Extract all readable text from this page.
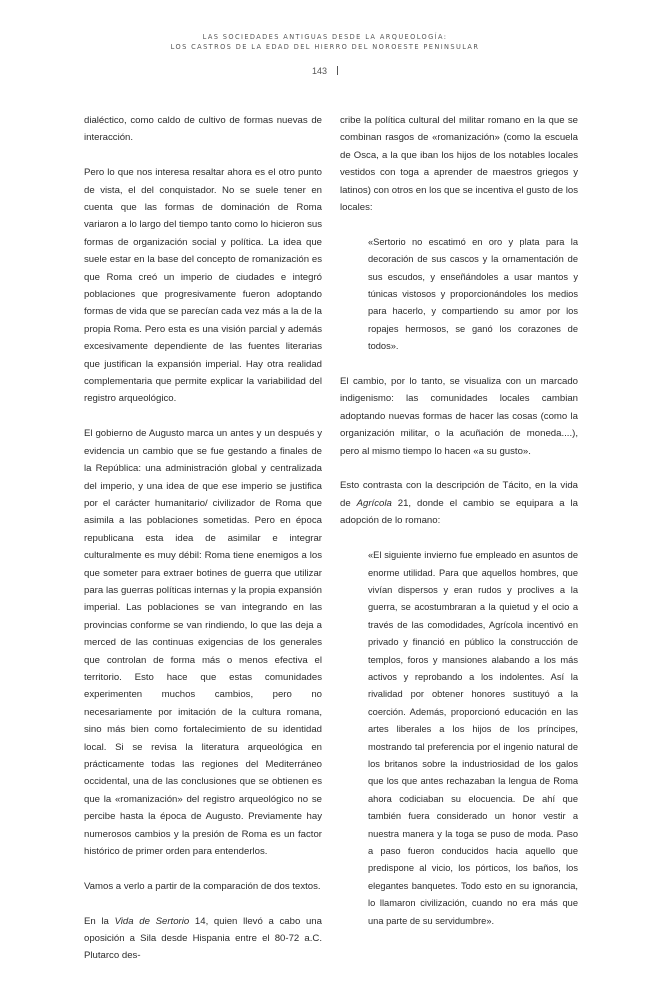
LAS SOCIEDADES ANTIGUAS DESDE LA ARQUEOLOGÍA:
LOS CASTROS DE LA EDAD DEL HIERRO DEL NOROESTE PENINSULAR
143

dialéctico, como caldo de cultivo de formas nuevas de interacción.

Pero lo que nos interesa resaltar ahora es el otro punto de vista, el del conquistador. No se suele tener en cuenta que las formas de dominación de Roma variaron a lo largo del tiempo tanto como lo hicieron sus formas de organización social y política. La idea que suele estar en la base del concepto de romanización es que Roma creó un imperio de ciudades e integró poblaciones que progresivamente fueron adoptando formas de vida que se parecían cada vez más a la de la propia Roma. Pero esta es una visión parcial y además excesivamente dependiente de las fuentes literarias que justifican la expansión imperial. Hay otra realidad complementaria que permite explicar la variabilidad del registro arqueológico.

El gobierno de Augusto marca un antes y un después y evidencia un cambio que se fue gestando a finales de la República: una administración global y centralizada del imperio, y una idea de que ese imperio se justifica por el carácter humanitario/ civilizador de Roma que asimila a las poblaciones sometidas. Pero en época republicana esta idea de asimilar e integrar culturalmente es muy débil: Roma tiene enemigos a los que someter para extraer botines de guerra que utilizar para las guerras políticas internas y la propia expansión imperial. Las poblaciones se van integrando en las provincias conforme se van rindiendo, lo que las deja a merced de las continuas exigencias de los generales que controlan de forma más o menos efectiva el territorio. Esto hace que estas comunidades experimenten muchos cambios, pero no necesariamente por imitación de la cultura romana, sino más bien como fortalecimiento de su identidad local. Si se revisa la literatura arqueológica en prácticamente todas las regiones del Mediterráneo occidental, una de las conclusiones que se obtienen es que la «romanización» del registro arqueológico no se percibe hasta la época de Augusto. Previamente hay numerosos cambios y la presión de Roma es un factor histórico de primer orden para entenderlos.

Vamos a verlo a partir de la comparación de dos textos.

En la Vida de Sertorio 14, quien llevó a cabo una oposición a Sila desde Hispania entre el 80-72 a.C. Plutarco des-

cribe la política cultural del militar romano en la que se combinan rasgos de «romanización» (como la escuela de Osca, a la que iban los hijos de los notables locales vestidos con toga a aprender de maestros griegos y latinos) con otros en los que se incentiva el gusto de los locales:

«Sertorio no escatimó en oro y plata para la decoración de sus cascos y la ornamentación de sus escudos, y enseñándoles a usar mantos y túnicas vistosos y proporcionándoles los medios para hacerlo, y compartiendo su amor por los ropajes hermosos, se ganó los corazones de todos».

El cambio, por lo tanto, se visualiza con un marcado indigenismo: las comunidades locales cambian adoptando nuevas formas de hacer las cosas (como la organización militar, o la acuñación de moneda....), pero al mismo tiempo lo hacen «a su gusto».

Esto contrasta con la descripción de Tácito, en la vida de Agrícola 21, donde el cambio se equipara a la adopción de lo romano:

«El siguiente invierno fue empleado en asuntos de enorme utilidad. Para que aquellos hombres, que vivían dispersos y eran rudos y proclives a la guerra, se acostumbraran a la quietud y el ocio a través de las comodidades, Agrícola incentivó en privado y financió en público la construcción de templos, foros y mansiones alabando a los más activos y reprobando a los indolentes. Así la rivalidad por obtener honores sustituyó a la coerción. Además, proporcionó educación en las artes liberales a los hijos de los príncipes, mostrando tal preferencia por el ingenio natural de los britanos sobre la industriosidad de los galos que los que antes rechazaban la lengua de Roma ahora codiciaban su elocuencia. De ahí que también fuera considerado un honor vestir a nuestra manera y la toga se puso de moda. Paso a paso fueron conducidos hacia aquello que predispone al vicio, los pórticos, los baños, los elegantes banquetes. Todo esto en su ignorancia, lo llamaron civilización, cuando no era más que una parte de su servidumbre».
